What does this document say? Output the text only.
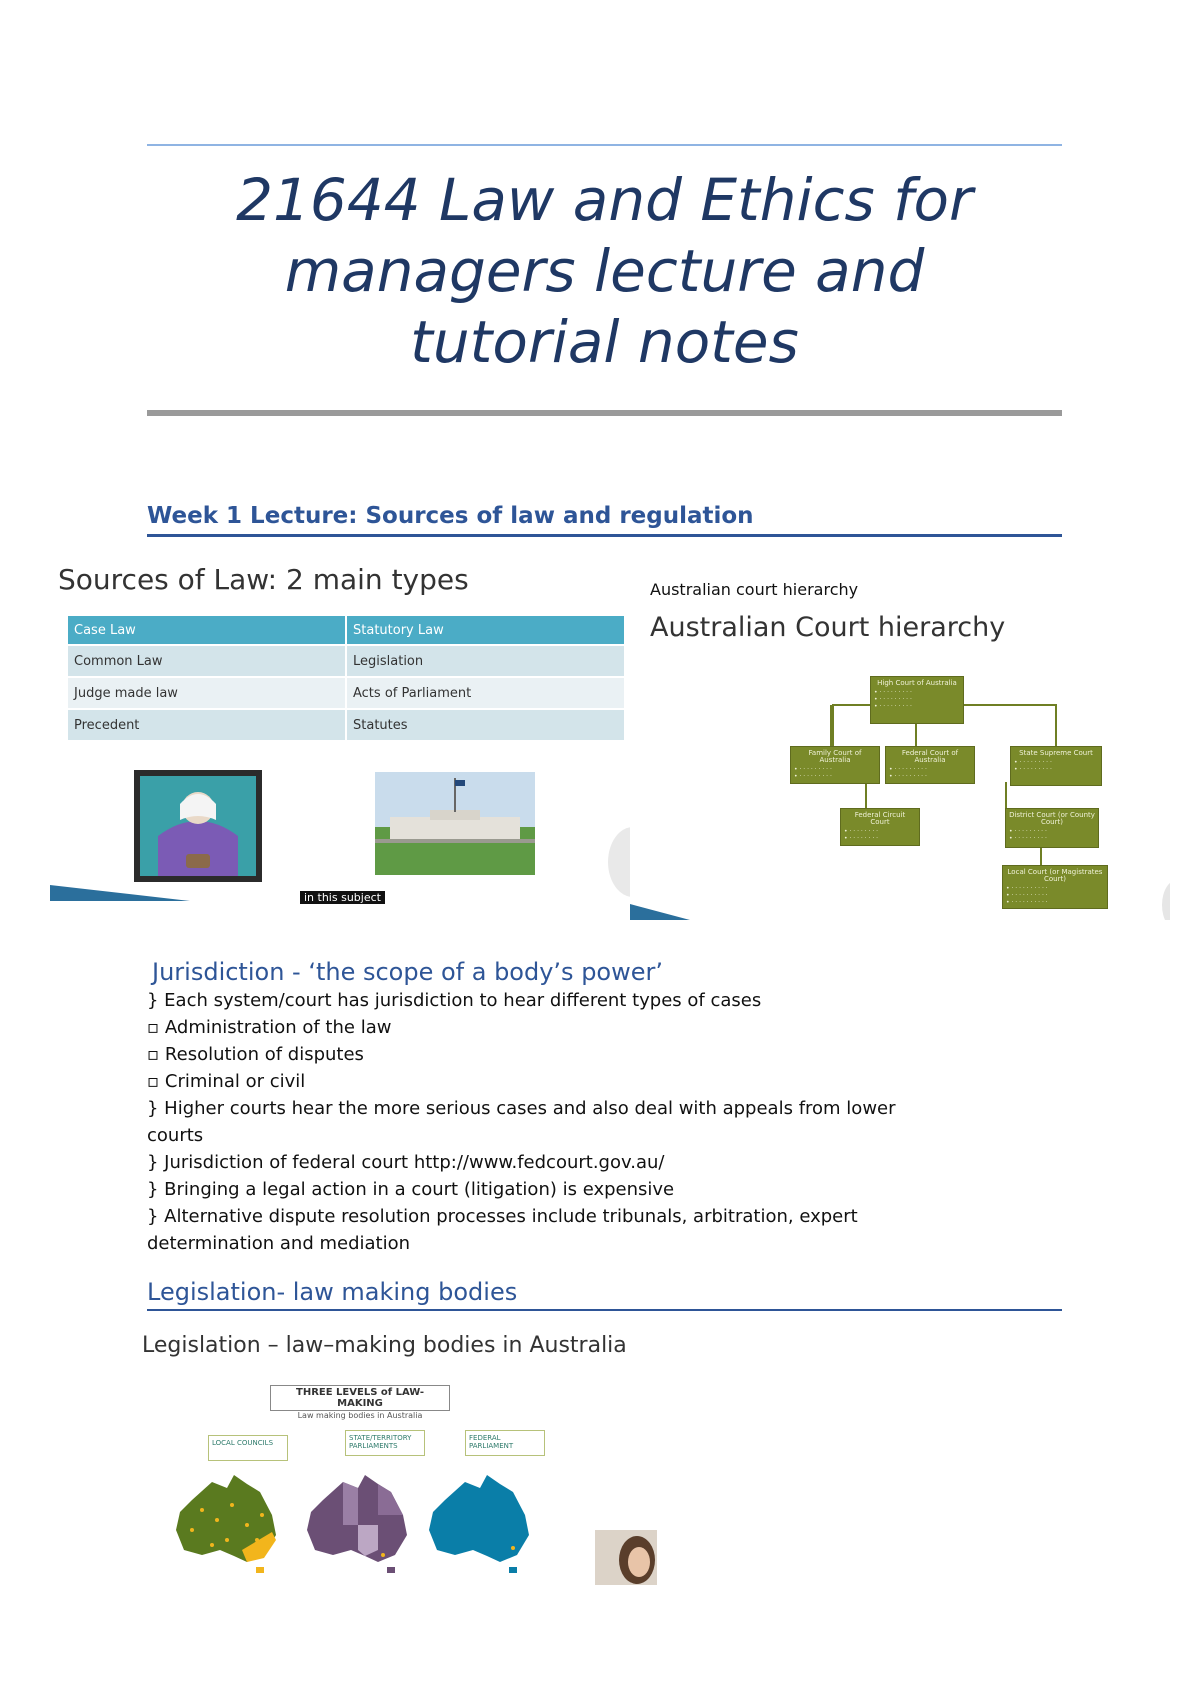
21644 Law and Ethics for
managers lecture and
tutorial notes
Week 1 Lecture: Sources of law and regulation
Sources of Law: 2 main types
Case Law	Statutory Law
Common Law	Legislation
Judge made law	Acts of Parliament
Precedent	Statutes
in this subject
Australian court hierarchy
Australian Court hierarchy
High Court of Australia
• · · · · · · · · ·
• · · · · · · · · ·
• · · · · · · · · ·
Family Court of Australia
• · · · · · · · · ·
• · · · · · · · · ·
Federal Court of Australia
• · · · · · · · · ·
• · · · · · · · · ·
State Supreme Court
• · · · · · · · · ·
• · · · · · · · · ·
Federal Circuit Court
• · · · · · · · ·
• · · · · · · · ·
District Court (or County Court)
• · · · · · · · · ·
• · · · · · · · · ·
Local Court (or Magistrates Court)
• · · · · · · · · · ·
• · · · · · · · · · ·
• · · · · · · · · · ·
Jurisdiction - ‘the scope of a body’s power’
} Each system/court has jurisdiction to hear different types of cases
▫ Administration of the law
▫ Resolution of disputes
▫ Criminal or civil
} Higher courts hear the more serious cases and also deal with appeals from lower
courts
} Jurisdiction of federal court http://www.fedcourt.gov.au/
} Bringing a legal action in a court (litigation) is expensive
} Alternative dispute resolution processes include tribunals, arbitration, expert
determination and mediation
Legislation- law making bodies
Legislation – law–making bodies in Australia
THREE LEVELS of LAW-MAKING
Law making bodies in Australia
LOCAL COUNCILS
STATE/TERRITORY PARLIAMENTS
FEDERAL PARLIAMENT
